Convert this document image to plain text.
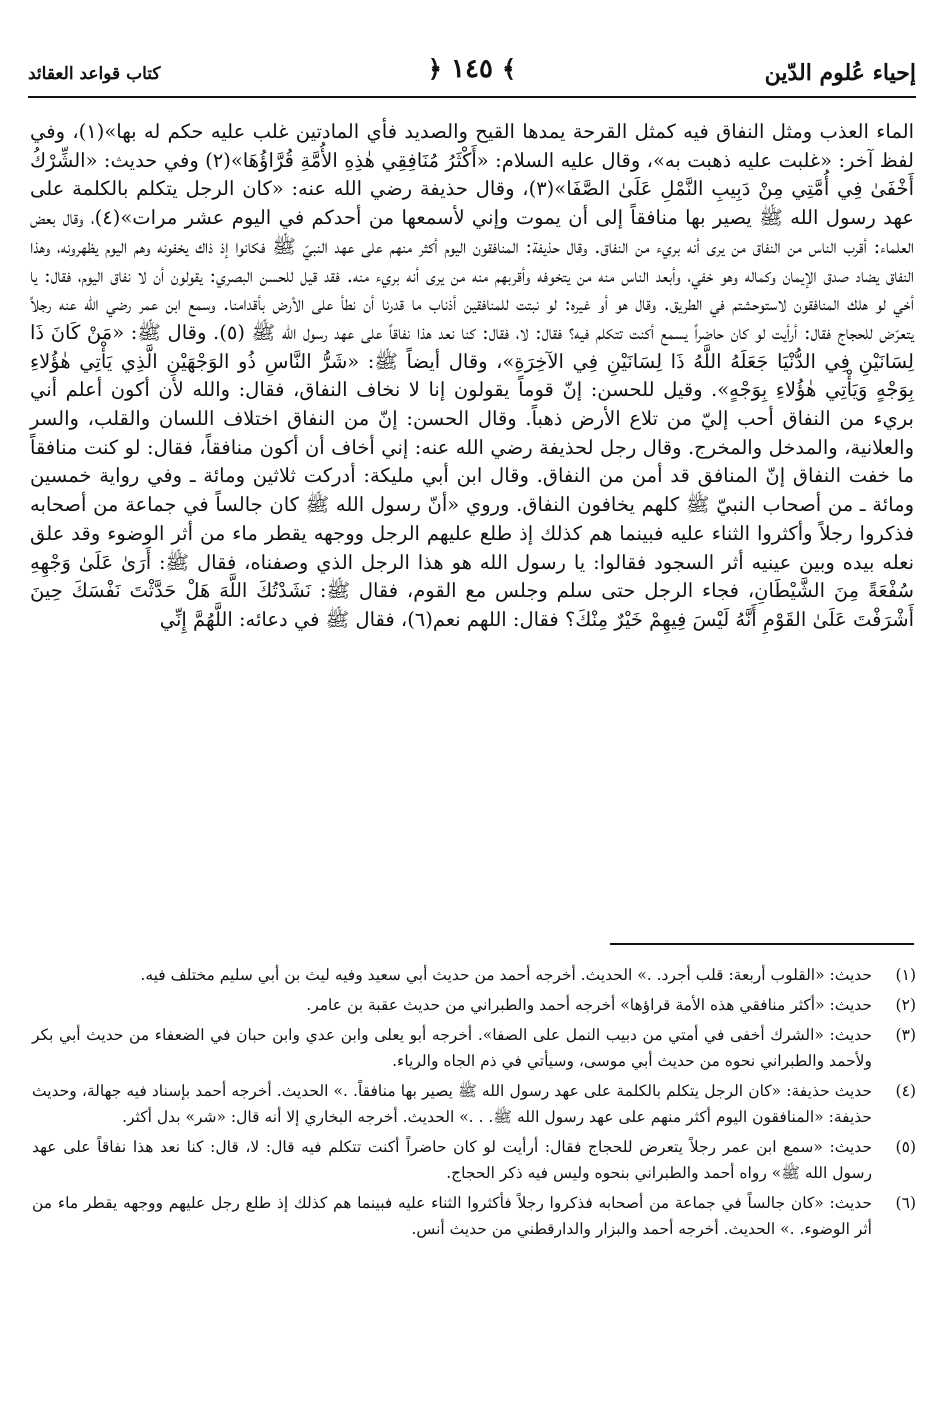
إحياء عُلوم الدّين
﴾ ١٤٥ ﴿
كتاب قواعد العقائد

الماء العذب ومثل النفاق فيه كمثل القرحة يمدها القيح والصديد فأي المادتين غلب عليه حكم له بها»(١)، وفي لفظ آخر: «غلبت عليه ذهبت به»، وقال عليه السلام: «أَكْثَرُ مُنَافِقِي هٰذِهِ الأُمَّةِ قُرَّاؤُهَا»(٢) وفي حديث: «الشِّرْكُ أَخْفَىٰ فِي أُمَّتِي مِنْ دَبِيبِ النَّمْلِ عَلَىٰ الصَّفَا»(٣)، وقال حذيفة رضي الله عنه: «كان الرجل يتكلم بالكلمة على عهد رسول الله ﷺ يصير بها منافقاً إلى أن يموت وإني لأسمعها من أحدكم في اليوم عشر مرات»(٤)، وقال بعض العلماء: أقرب الناس من النفاق من يرى أنه بريء من النفاق. وقال حذيفة: المنافقون اليوم أكثر منهم على عهد النبيّ ﷺ فكانوا إذ ذاك يخفونه وهم اليوم يظهرونه، وهذا النفاق يضاد صدق الإيمان وكماله وهو خفي، وأبعد الناس منه من يتخوفه وأقربهم منه من يرى أنه بريء منه. فقد قيل للحسن البصري: يقولون أن لا نفاق اليوم، فقال: يا أخي لو هلك المنافقون لاستوحشتم في الطريق. وقال هو أو غيره: لو نبتت للمنافقين أذناب ما قدرنا أن نطأ على الأرض بأقدامنا. وسمع ابن عمر رضي الله عنه رجلاً يتعرّض للحجاج فقال: أرأيت لو كان حاضراً يسمع أكنت تتكلم فيه؟ فقال: لا، فقال: كنا نعد هذا نفاقاً على عهد رسول الله ﷺ (٥). وقال ﷺ: «مَنْ كَانَ ذَا لِسَانَيْنِ فِي الدُّنْيَا جَعَلَهُ اللَّهُ ذَا لِسَانَيْنِ فِي الآخِرَةِ»، وقال أيضاً ﷺ: «شَرُّ النَّاسِ ذُو الوَجْهَيْنِ الَّذِي يَأْتِي هٰؤُلاءِ بِوَجْهٍ وَيَأْتِي هٰؤُلاءِ بِوَجْهٍ». وقيل للحسن: إنّ قوماً يقولون إنا لا نخاف النفاق، فقال: والله لأن أكون أعلم أني بريء من النفاق أحب إليّ من تلاع الأرض ذهباً. وقال الحسن: إنّ من النفاق اختلاف اللسان والقلب، والسر والعلانية، والمدخل والمخرج. وقال رجل لحذيفة رضي الله عنه: إني أخاف أن أكون منافقاً، فقال: لو كنت منافقاً ما خفت النفاق إنّ المنافق قد أمن من النفاق. وقال ابن أبي مليكة: أدركت ثلاثين ومائة ـ وفي رواية خمسين ومائة ـ من أصحاب النبيّ ﷺ كلهم يخافون النفاق. وروي «أنّ رسول الله ﷺ كان جالساً في جماعة من أصحابه فذكروا رجلاً وأكثروا الثناء عليه فبينما هم كذلك إذ طلع عليهم الرجل ووجهه يقطر ماء من أثر الوضوء وقد علق نعله بيده وبين عينيه أثر السجود فقالوا: يا رسول الله هو هذا الرجل الذي وصفناه، فقال ﷺ: أَرَىٰ عَلَىٰ وَجْهِهِ سُفْعَةً مِنَ الشَّيْطَانِ، فجاء الرجل حتى سلم وجلس مع القوم، فقال ﷺ: نَشَدْتُكَ اللَّهَ هَلْ حَدَّثْتَ نَفْسَكَ حِينَ أَشْرَفْتَ عَلَىٰ القَوْمِ أَنَّهُ لَيْسَ فِيهِمْ خَيْرٌ مِنْكَ؟ فقال: اللهم نعم(٦)، فقال ﷺ في دعائه: اللَّهُمَّ إِنِّي

(١)
حديث: «القلوب أربعة: قلب أجرد. .» الحديث. أخرجه أحمد من حديث أبي سعيد وفيه ليث بن أبي سليم مختلف فيه.
(٢)
حديث: «أكثر منافقي هذه الأمة قراؤها» أخرجه أحمد والطبراني من حديث عقبة بن عامر.
(٣)
حديث: «الشرك أخفى في أمتي من دبيب النمل على الصفا». أخرجه أبو يعلى وابن عدي وابن حبان في الضعفاء من حديث أبي بكر ولأحمد والطبراني نحوه من حديث أبي موسى، وسيأتي في ذم الجاه والرياء.
(٤)
حديث حذيفة: «كان الرجل يتكلم بالكلمة على عهد رسول الله ﷺ يصير بها منافقاً. .» الحديث. أخرجه أحمد بإسناد فيه جهالة، وحديث حذيفة: «المنافقون اليوم أكثر منهم على عهد رسول الله ﷺ. . .» الحديث. أخرجه البخاري إلا أنه قال: «شر» بدل أكثر.
(٥)
حديث: «سمع ابن عمر رجلاً يتعرض للحجاج فقال: أرأيت لو كان حاضراً أكنت تتكلم فيه قال: لا، قال: كنا نعد هذا نفاقاً على عهد رسول الله ﷺ» رواه أحمد والطبراني بنحوه وليس فيه ذكر الحجاج.
(٦)
حديث: «كان جالساً في جماعة من أصحابه فذكروا رجلاً فأكثروا الثناء عليه فبينما هم كذلك إذ طلع رجل عليهم ووجهه يقطر ماء من أثر الوضوء. .» الحديث. أخرجه أحمد والبزار والدارقطني من حديث أنس.
